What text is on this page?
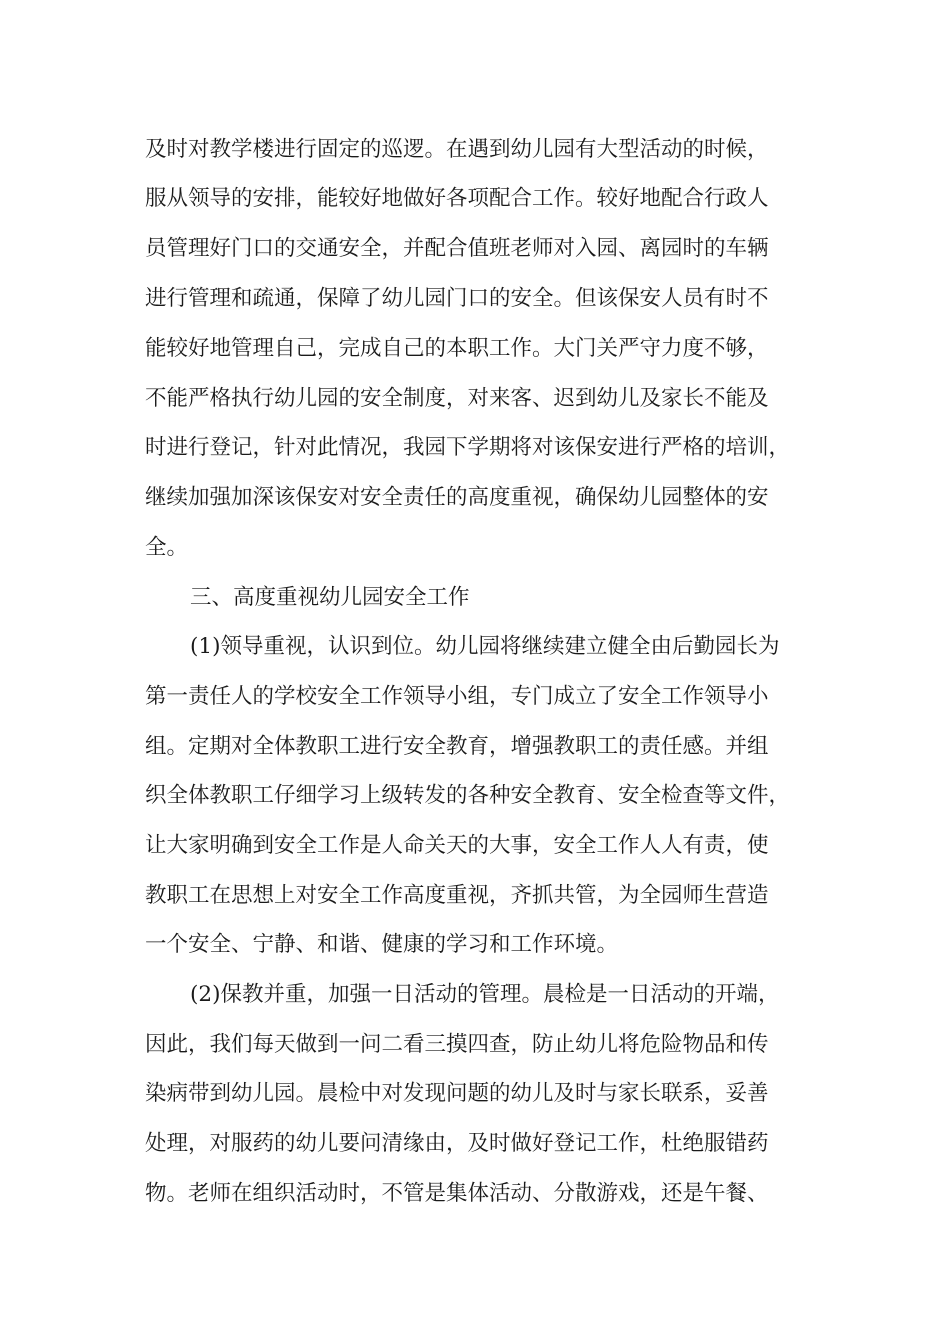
及时对教学楼进行固定的巡逻。在遇到幼儿园有大型活动的时候，
服从领导的安排，能较好地做好各项配合工作。较好地配合行政人
员管理好门口的交通安全，并配合值班老师对入园、离园时的车辆
进行管理和疏通，保障了幼儿园门口的安全。但该保安人员有时不
能较好地管理自己，完成自己的本职工作。大门关严守力度不够，
不能严格执行幼儿园的安全制度，对来客、迟到幼儿及家长不能及
时进行登记，针对此情况，我园下学期将对该保安进行严格的培训，
继续加强加深该保安对安全责任的高度重视，确保幼儿园整体的安
全。
三、高度重视幼儿园安全工作
(1)领导重视，认识到位。幼儿园将继续建立健全由后勤园长为
第一责任人的学校安全工作领导小组，专门成立了安全工作领导小
组。定期对全体教职工进行安全教育，增强教职工的责任感。并组
织全体教职工仔细学习上级转发的各种安全教育、安全检查等文件，
让大家明确到安全工作是人命关天的大事，安全工作人人有责，使
教职工在思想上对安全工作高度重视，齐抓共管，为全园师生营造
一个安全、宁静、和谐、健康的学习和工作环境。
(2)保教并重，加强一日活动的管理。晨检是一日活动的开端，
因此，我们每天做到一问二看三摸四查，防止幼儿将危险物品和传
染病带到幼儿园。晨检中对发现问题的幼儿及时与家长联系，妥善
处理，对服药的幼儿要问清缘由，及时做好登记工作，杜绝服错药
物。老师在组织活动时，不管是集体活动、分散游戏，还是午餐、
